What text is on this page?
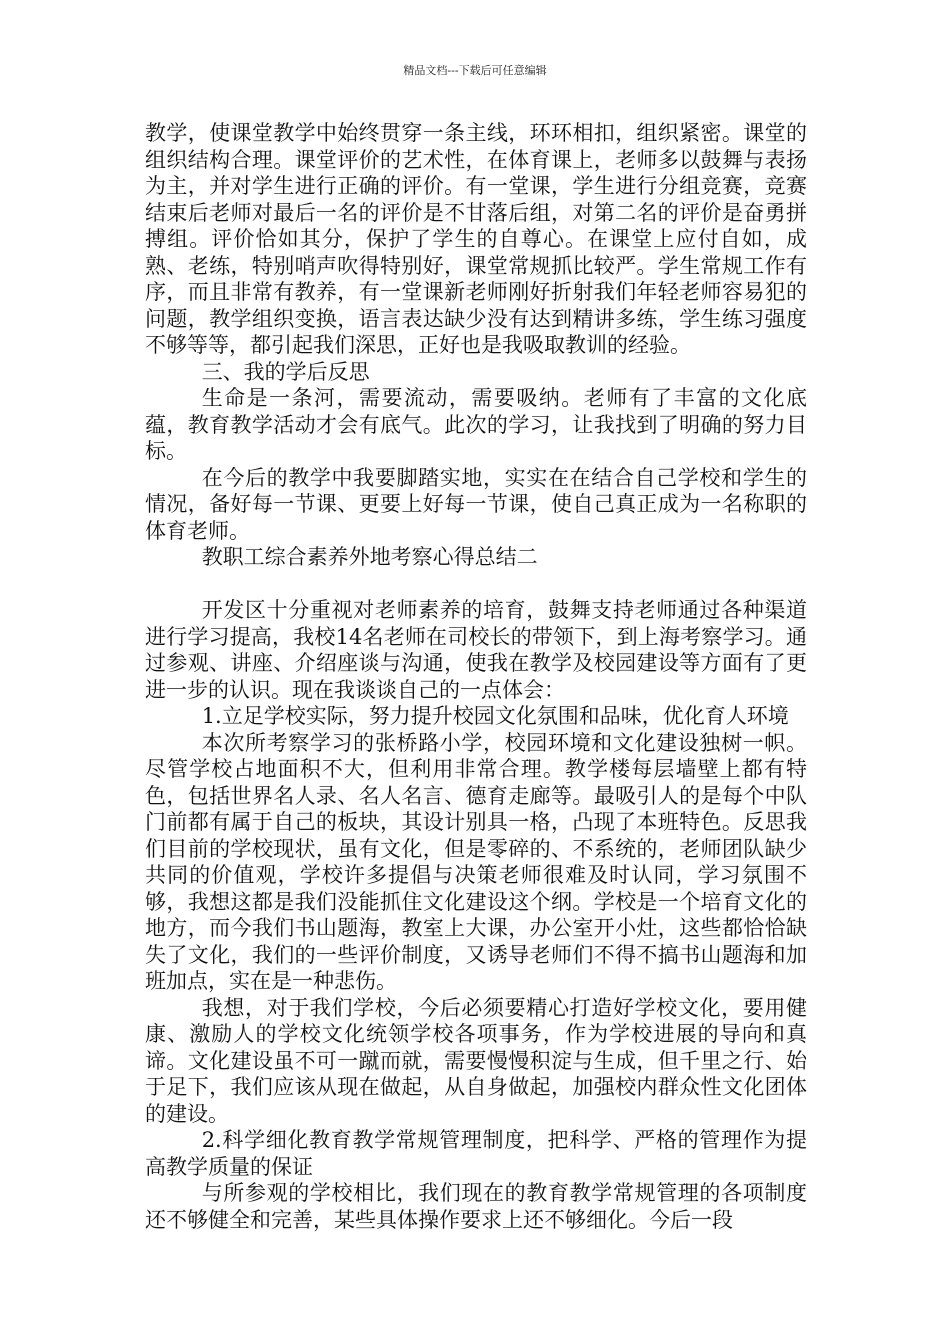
精品文档---下载后可任意编辑

教学，使课堂教学中始终贯穿一条主线，环环相扣，组织紧密。课堂的组织结构合理。课堂评价的艺术性，在体育课上，老师多以鼓舞与表扬为主，并对学生进行正确的评价。有一堂课，学生进行分组竞赛，竞赛结束后老师对最后一名的评价是不甘落后组，对第二名的评价是奋勇拼搏组。评价恰如其分，保护了学生的自尊心。在课堂上应付自如，成熟、老练，特别哨声吹得特别好，课堂常规抓比较严。学生常规工作有序，而且非常有教养，有一堂课新老师刚好折射我们年轻老师容易犯的问题，教学组织变换，语言表达缺少没有达到精讲多练，学生练习强度不够等等，都引起我们深思，正好也是我吸取教训的经验。

三、我的学后反思

生命是一条河，需要流动，需要吸纳。老师有了丰富的文化底蕴，教育教学活动才会有底气。此次的学习，让我找到了明确的努力目标。

在今后的教学中我要脚踏实地，实实在在结合自己学校和学生的情况，备好每一节课、更要上好每一节课，使自己真正成为一名称职的体育老师。

教职工综合素养外地考察心得总结二

开发区十分重视对老师素养的培育，鼓舞支持老师通过各种渠道进行学习提高，我校14名老师在司校长的带领下，到上海考察学习。通过参观、讲座、介绍座谈与沟通，使我在教学及校园建设等方面有了更进一步的认识。现在我谈谈自己的一点体会：

1.立足学校实际，努力提升校园文化氛围和品味，优化育人环境

本次所考察学习的张桥路小学，校园环境和文化建设独树一帜。尽管学校占地面积不大，但利用非常合理。教学楼每层墙壁上都有特色，包括世界名人录、名人名言、德育走廊等。最吸引人的是每个中队门前都有属于自己的板块，其设计别具一格，凸现了本班特色。反思我们目前的学校现状，虽有文化，但是零碎的、不系统的，老师团队缺少共同的价值观，学校许多提倡与决策老师很难及时认同，学习氛围不够，我想这都是我们没能抓住文化建设这个纲。学校是一个培育文化的地方，而今我们书山题海，教室上大课，办公室开小灶，这些都恰恰缺失了文化，我们的一些评价制度，又诱导老师们不得不搞书山题海和加班加点，实在是一种悲伤。

我想，对于我们学校，今后必须要精心打造好学校文化，要用健康、激励人的学校文化统领学校各项事务，作为学校进展的导向和真谛。文化建设虽不可一蹴而就，需要慢慢积淀与生成，但千里之行、始于足下，我们应该从现在做起，从自身做起，加强校内群众性文化团体的建设。

2.科学细化教育教学常规管理制度，把科学、严格的管理作为提高教学质量的保证

与所参观的学校相比，我们现在的教育教学常规管理的各项制度还不够健全和完善，某些具体操作要求上还不够细化。今后一段
